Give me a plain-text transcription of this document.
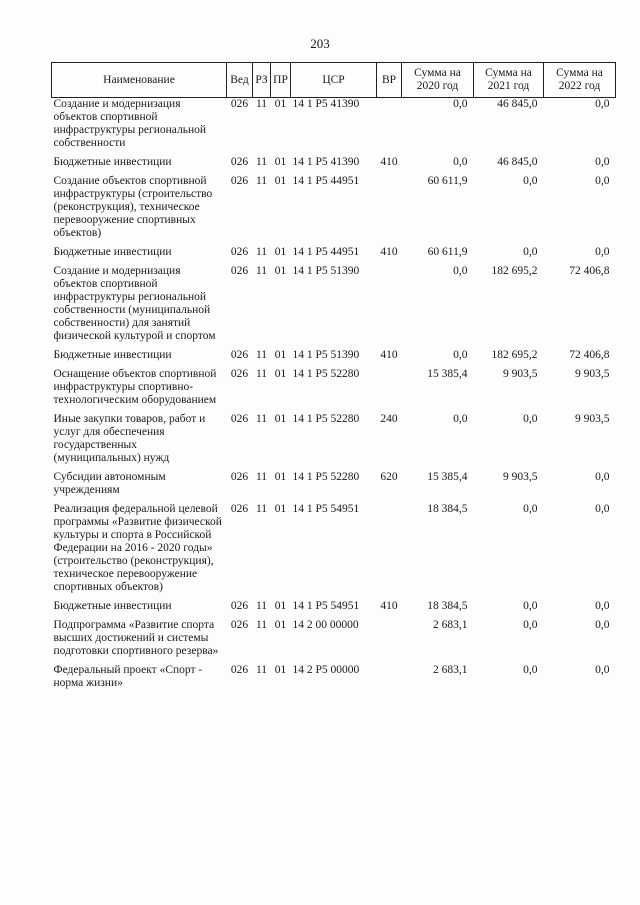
203
Наименование	Вед	РЗ	ПР	ЦСР	ВР	Сумма на 2020 год	Сумма на 2021 год	Сумма на 2022 год
Создание и модернизация объектов спортивной инфраструктуры региональной собственности	026	11	01	14 1 P5 41390		0,0	46 845,0	0,0
Бюджетные инвестиции	026	11	01	14 1 P5 41390	410	0,0	46 845,0	0,0
Создание объектов спортивной инфраструктуры (строительство (реконструкция), техническое перевооружение спортивных объектов)	026	11	01	14 1 P5 44951		60 611,9	0,0	0,0
Бюджетные инвестиции	026	11	01	14 1 P5 44951	410	60 611,9	0,0	0,0
Создание и модернизация объектов спортивной инфраструктуры региональной собственности (муниципальной собственности) для занятий физической культурой и спортом	026	11	01	14 1 P5 51390		0,0	182 695,2	72 406,8
Бюджетные инвестиции	026	11	01	14 1 P5 51390	410	0,0	182 695,2	72 406,8
Оснащение объектов спортивной инфраструктуры спортивно-технологическим оборудованием	026	11	01	14 1 P5 52280		15 385,4	9 903,5	9 903,5
Иные закупки товаров, работ и услуг для обеспечения государственных (муниципальных) нужд	026	11	01	14 1 P5 52280	240	0,0	0,0	9 903,5
Субсидии автономным учреждениям	026	11	01	14 1 P5 52280	620	15 385,4	9 903,5	0,0
Реализация федеральной целевой программы «Развитие физической культуры и спорта в Российской Федерации на 2016 - 2020 годы» (строительство (реконструкция), техническое перевооружение спортивных объектов)	026	11	01	14 1 P5 54951		18 384,5	0,0	0,0
Бюджетные инвестиции	026	11	01	14 1 P5 54951	410	18 384,5	0,0	0,0
Подпрограмма «Развитие спорта высших достижений и системы подготовки спортивного резерва»	026	11	01	14 2 00 00000		2 683,1	0,0	0,0
Федеральный проект «Спорт - норма жизни»	026	11	01	14 2 P5 00000		2 683,1	0,0	0,0
